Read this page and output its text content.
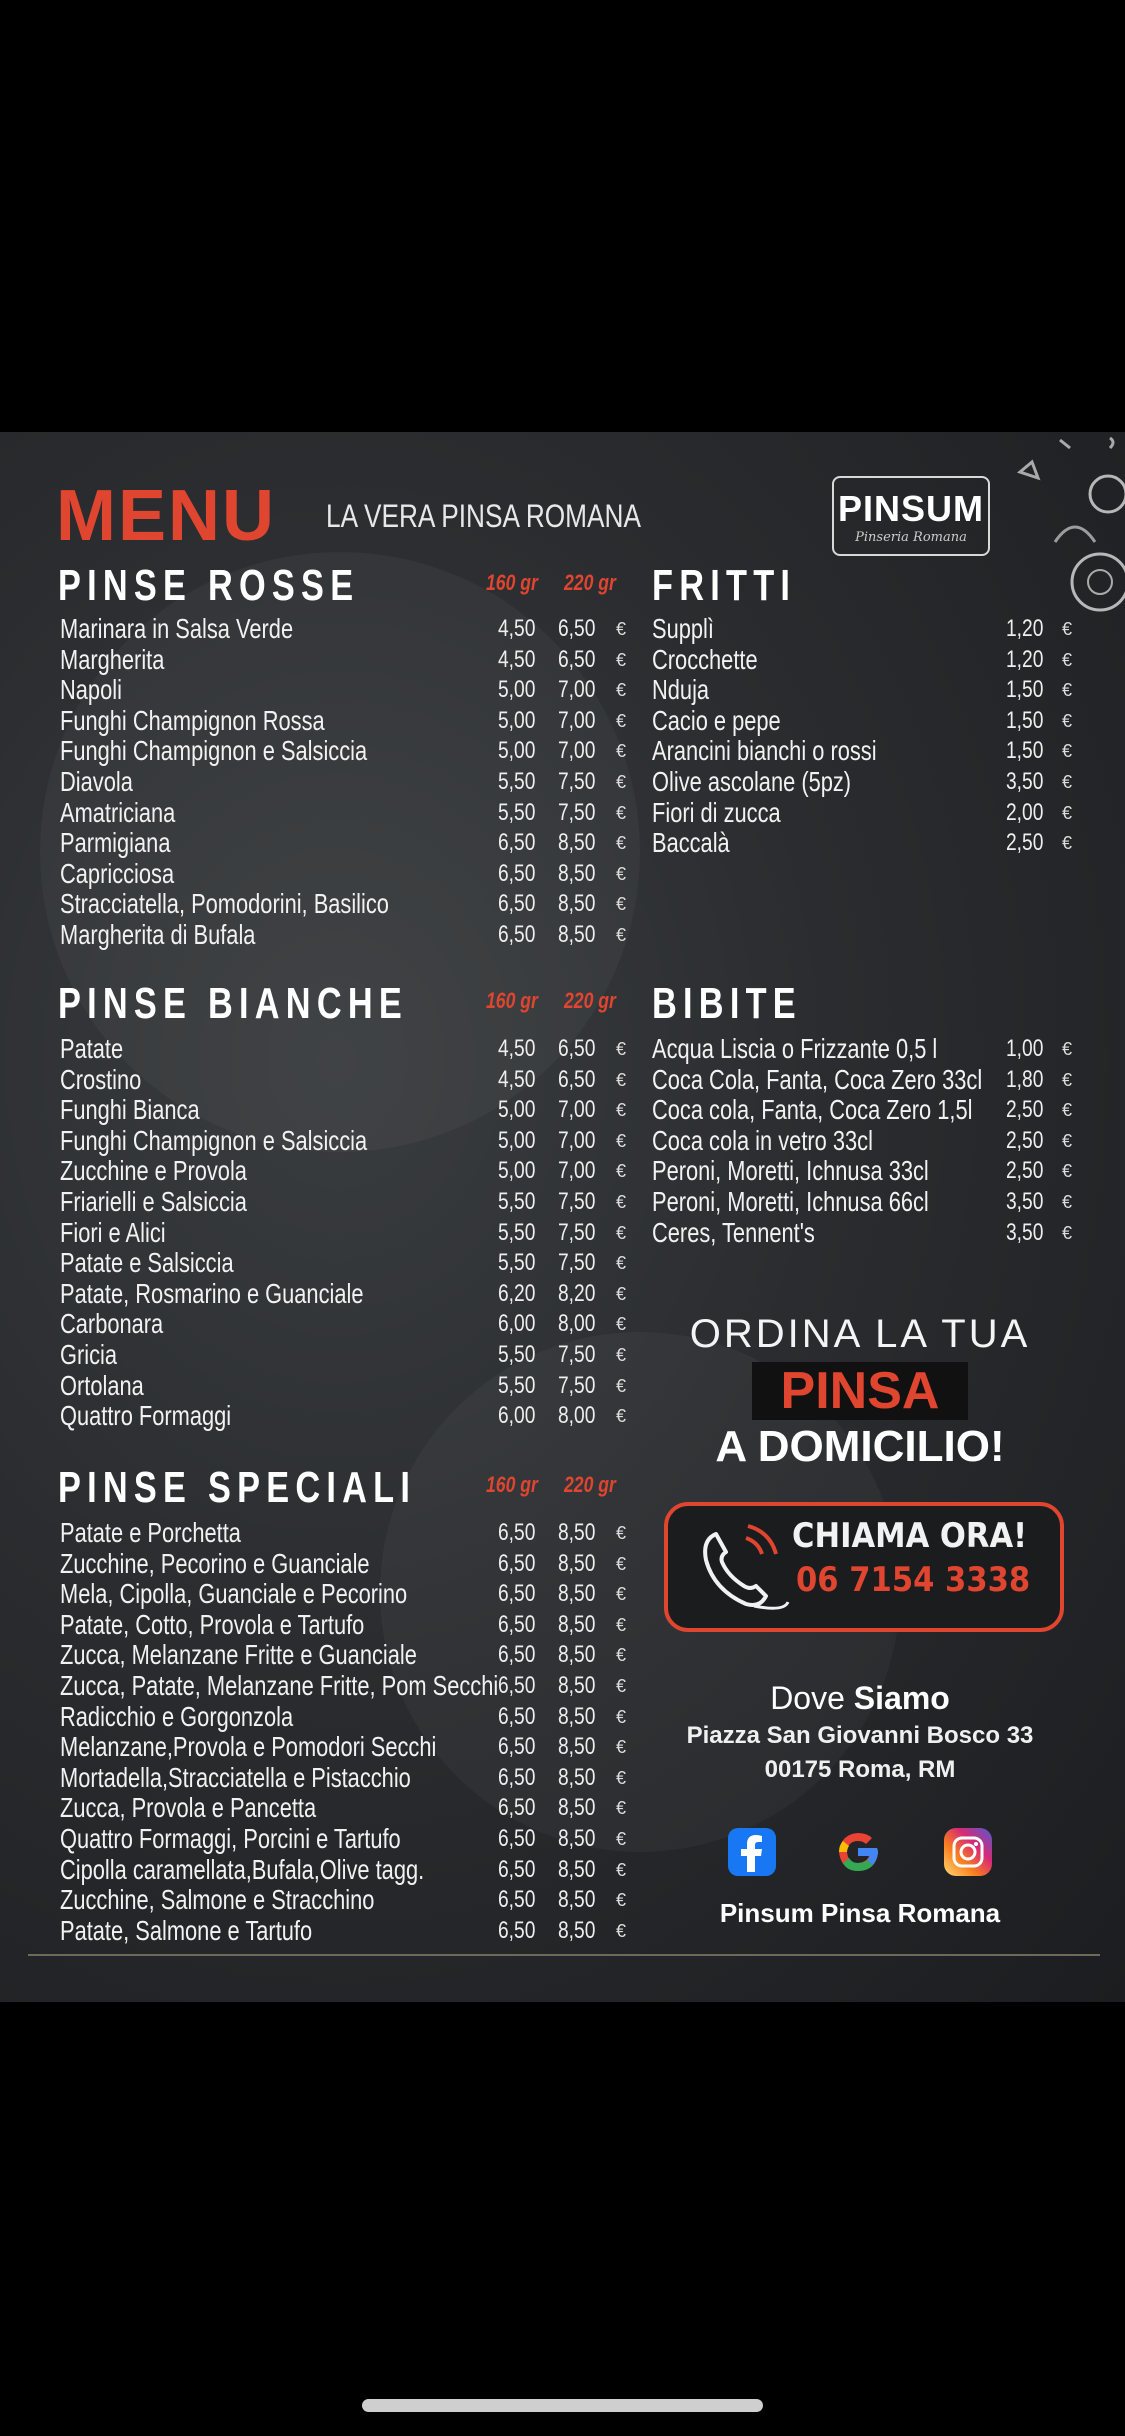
MENU LA VERA PINSA ROMANA	PINSUM
Pinseria Romana
PINSE ROSSE	160 gr 220 gr
Marinara in Salsa Verde	4,50 6,50 €
Margherita	4,50 6,50 €
Napoli	5,00 7,00 €
Funghi Champignon Rossa	5,00 7,00 €
Funghi Champignon e Salsiccia	5,00 7,00 €
Diavola	5,50 7,50 €
Amatriciana	5,50 7,50 €
Parmigiana	6,50 8,50 €
Capricciosa	6,50 8,50 €
Stracciatella, Pomodorini, Basilico	6,50 8,50 €
Margherita di Bufala	6,50 8,50 €
PINSE BIANCHE	160 gr 220 gr
Patate	4,50 6,50 €
Crostino	4,50 6,50 €
Funghi Bianca	5,00 7,00 €
Funghi Champignon e Salsiccia	5,00 7,00 €
Zucchine e Provola	5,00 7,00 €
Friarielli e Salsiccia	5,50 7,50 €
Fiori e Alici	5,50 7,50 €
Patate e Salsiccia	5,50 7,50 €
Patate, Rosmarino e Guanciale	6,20 8,20 €
Carbonara	6,00 8,00 €
Gricia	5,50 7,50 €
Ortolana	5,50 7,50 €
Quattro Formaggi	6,00 8,00 €
PINSE SPECIALI	160 gr 220 gr
Patate e Porchetta	6,50 8,50 €
Zucchine, Pecorino e Guanciale	6,50 8,50 €
Mela, Cipolla, Guanciale e Pecorino	6,50 8,50 €
Patate, Cotto, Provola e Tartufo	6,50 8,50 €
Zucca, Melanzane Fritte e Guanciale	6,50 8,50 €
Zucca, Patate, Melanzane Fritte, Pom Secchi 6,50 8,50 €
Radicchio e Gorgonzola	6,50 8,50 €
Melanzane,Provola e Pomodori Secchi	6,50 8,50 €
Mortadella,Stracciatella e Pistacchio	6,50 8,50 €
Zucca, Provola e Pancetta	6,50 8,50 €
Quattro Formaggi, Porcini e Tartufo	6,50 8,50 €
Cipolla caramellata,Bufala,Olive tagg.	6,50 8,50 €
Zucchine, Salmone e Stracchino	6,50 8,50 €
Patate, Salmone e Tartufo	6,50 8,50 €
FRITTI
Supplì	1,20 €
Crocchette	1,20 €
Nduja	1,50 €
Cacio e pepe	1,50 €
Arancini bianchi o rossi	1,50 €
Olive ascolane (5pz)	3,50 €
Fiori di zucca	2,00 €
Baccalà	2,50 €
BIBITE
Acqua Liscia o Frizzante 0,5 l	1,00 €
Coca Cola, Fanta, Coca Zero 33cl 1,80 €
Coca cola, Fanta, Coca Zero 1,5l 2,50 €
Coca cola in vetro 33cl	2,50 €
Peroni, Moretti, Ichnusa 33cl	2,50 €
Peroni, Moretti, Ichnusa 66cl	3,50 €
Ceres, Tennent's	3,50 €
ORDINA LA TUA
PINSA
A DOMICILIO!
CHIAMA ORA!
06 7154 3338
Dove Siamo
Piazza San Giovanni Bosco 33
00175 Roma, RM
Pinsum Pinsa Romana
